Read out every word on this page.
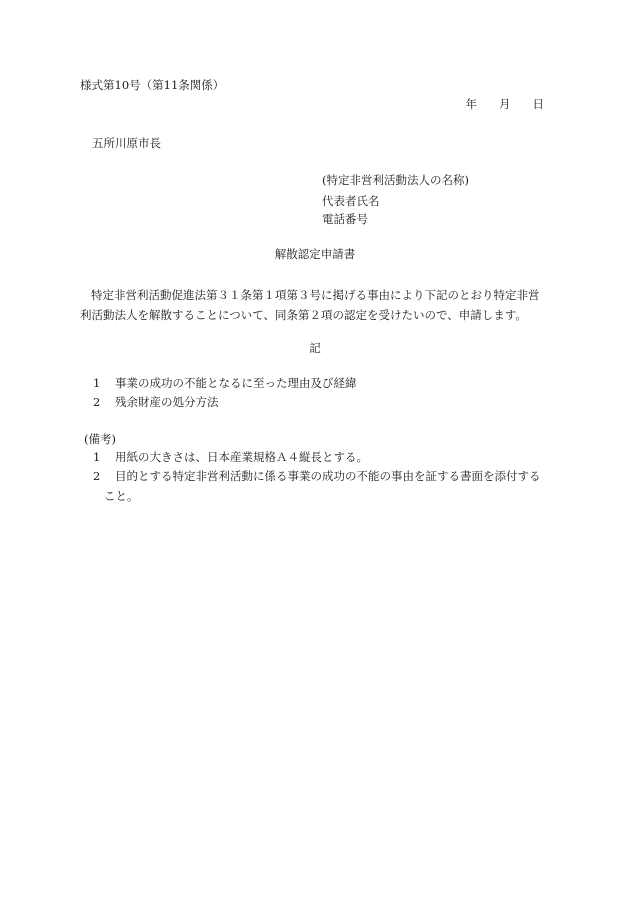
様式第10号（第11条関係）
年 月 日
五所川原市長
(特定非営利活動法人の名称)
代表者氏名
電話番号
解散認定申請書
特定非営利活動促進法第３１条第１項第３号に掲げる事由により下記のとおり特定非営利活動法人を解散することについて、同条第２項の認定を受けたいので、申請します。
記
1 事業の成功の不能となるに至った理由及び経緯
2 残余財産の処分方法
(備考)
1 用紙の大きさは、日本産業規格Ａ４縦長とする。
2 目的とする特定非営利活動に係る事業の成功の不能の事由を証する書面を添付する
こと。
